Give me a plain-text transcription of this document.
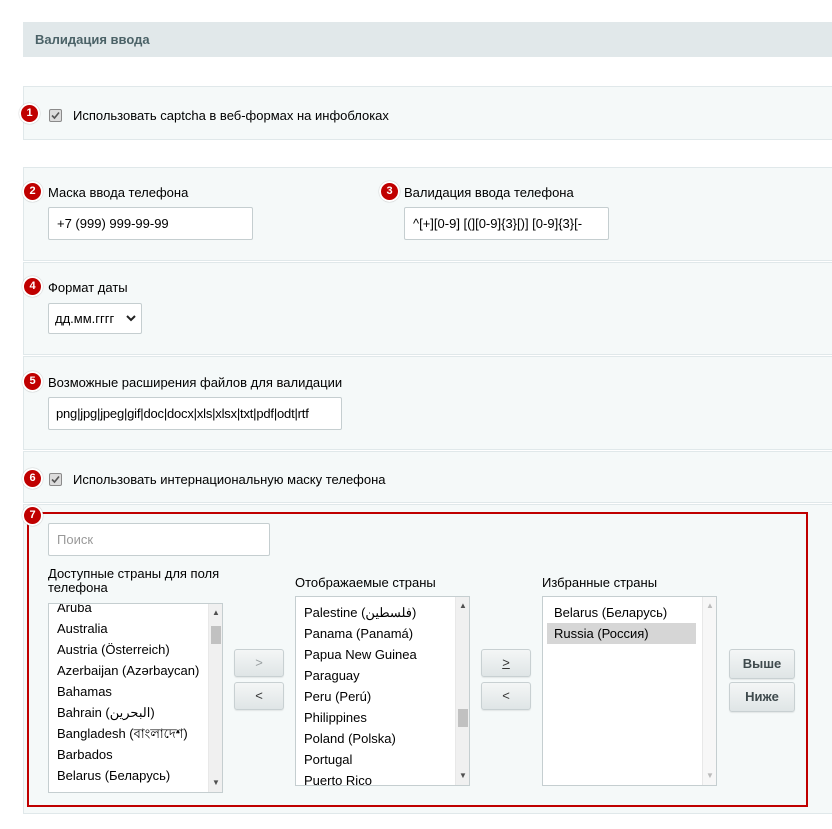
Валидация ввода
1	Использовать captcha в веб-формах на инфоблоках
2 Маска ввода телефона
+7 (999) 999-99-99
3 Валидация ввода телефона
^[+][0-9] [(][0-9]{3}[)] [0-9]{3}[-
4 Формат даты
дд.мм.гггг
5 Возможные расширения файлов для валидации
png|jpg|jpeg|gif|doc|docx|xls|xlsx|txt|pdf|odt|rtf
6	Использовать интернациональную маску телефона
7
Поиск
Доступные страны для поля телефона	Отображаемые страны	Избранные страны
Aruba
Australia
Austria (Österreich)
Azerbaijan (Azərbaycan)
Bahamas
Bahrain (‫البحرين‬‎)
Bangladesh (বাংলাদেশ)
Barbados
Belarus (Беларусь)
▲
▼
>
<
Palestine (‫فلسطين‬‎)
Panama (Panamá)
Papua New Guinea
Paraguay
Peru (Perú)
Philippines
Poland (Polska)
Portugal
Puerto Rico
▲
▼
>
<
Belarus (Беларусь)
Russia (Россия)
▲
▼
Выше
Ниже
